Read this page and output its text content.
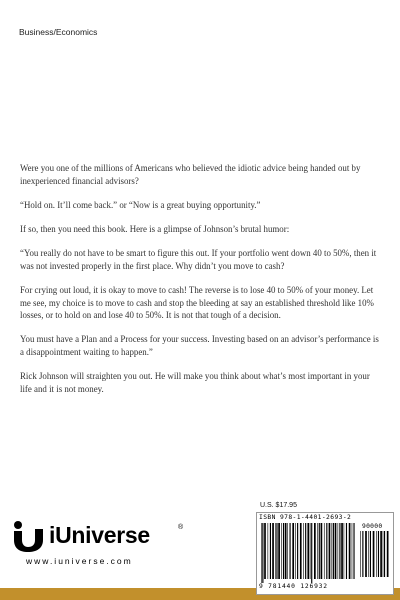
Business/Economics

Were you one of the millions of Americans who believed the idiotic advice being handed out by inexperienced financial advisors?

“Hold on. It’ll come back.” or “Now is a great buying opportunity.”

If so, then you need this book. Here is a glimpse of Johnson’s brutal humor:

“You really do not have to be smart to figure this out. If your portfolio went down 40 to 50%, then it was not invested properly in the first place. Why didn’t you move to cash?

For crying out loud, it is okay to move to cash! The reverse is to lose 40 to 50% of your money. Let me see, my choice is to move to cash and stop the bleeding at say an established threshold like 10% losses, or to hold on and lose 40 to 50%. It is not that tough of a decision.

You must have a Plan and a Process for your success. Investing based on an advisor’s performance is a disappointment waiting to happen.”

Rick Johnson will straighten you out. He will make you think about what’s most important in your life and it is not money.

iUniverse	®
www.iuniverse.com
U.S. $17.95
ISBN 978-1-4401-2693-2
90000
9 781440 126932
